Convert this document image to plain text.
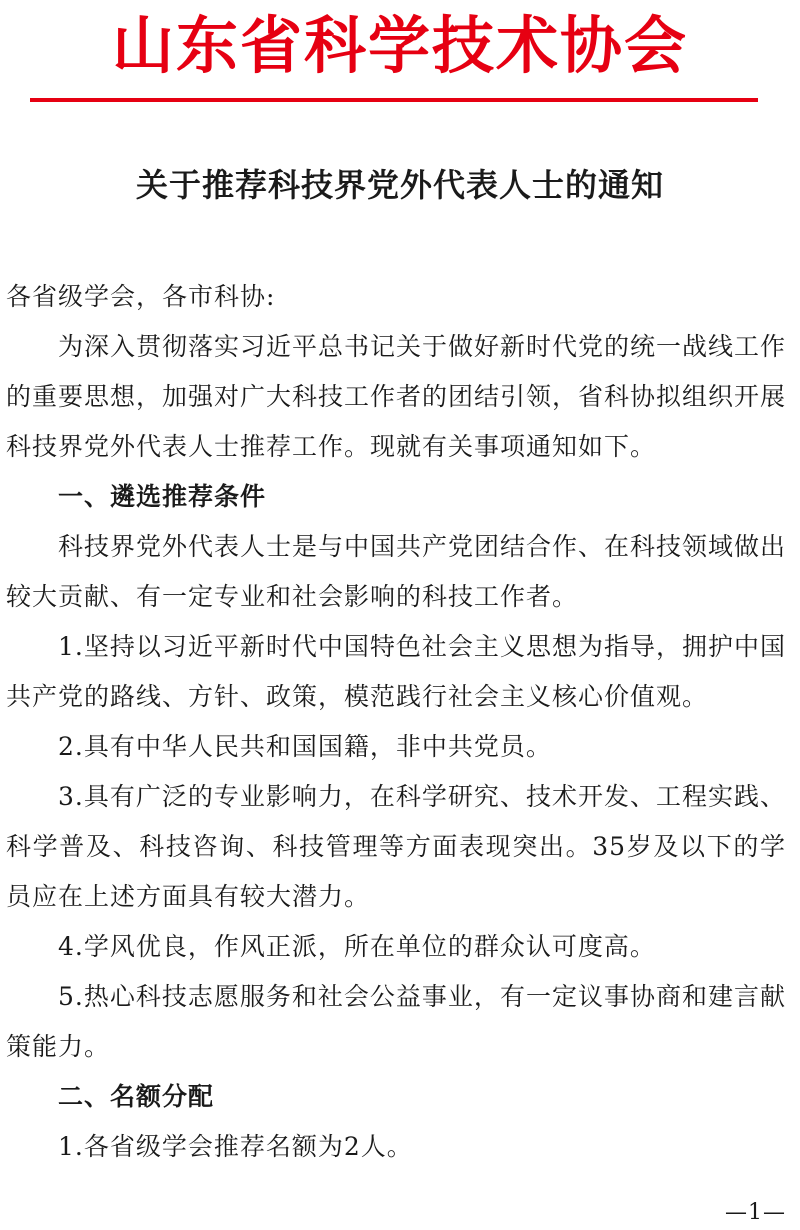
山东省科学技术协会
关于推荐科技界党外代表人士的通知

各省级学会，各市科协:

为深入贯彻落实习近平总书记关于做好新时代党的统一战线工作的重要思想，加强对广大科技工作者的团结引领，省科协拟组织开展科技界党外代表人士推荐工作。现就有关事项通知如下。

一、遴选推荐条件

科技界党外代表人士是与中国共产党团结合作、在科技领域做出较大贡献、有一定专业和社会影响的科技工作者。

1.坚持以习近平新时代中国特色社会主义思想为指导，拥护中国共产党的路线、方针、政策，模范践行社会主义核心价值观。

2.具有中华人民共和国国籍，非中共党员。

3.具有广泛的专业影响力，在科学研究、技术开发、工程实践、科学普及、科技咨询、科技管理等方面表现突出。35岁及以下的学员应在上述方面具有较大潜力。

4.学风优良，作风正派，所在单位的群众认可度高。

5.热心科技志愿服务和社会公益事业，有一定议事协商和建言献策能力。

二、名额分配

1.各省级学会推荐名额为2人。

—1—
